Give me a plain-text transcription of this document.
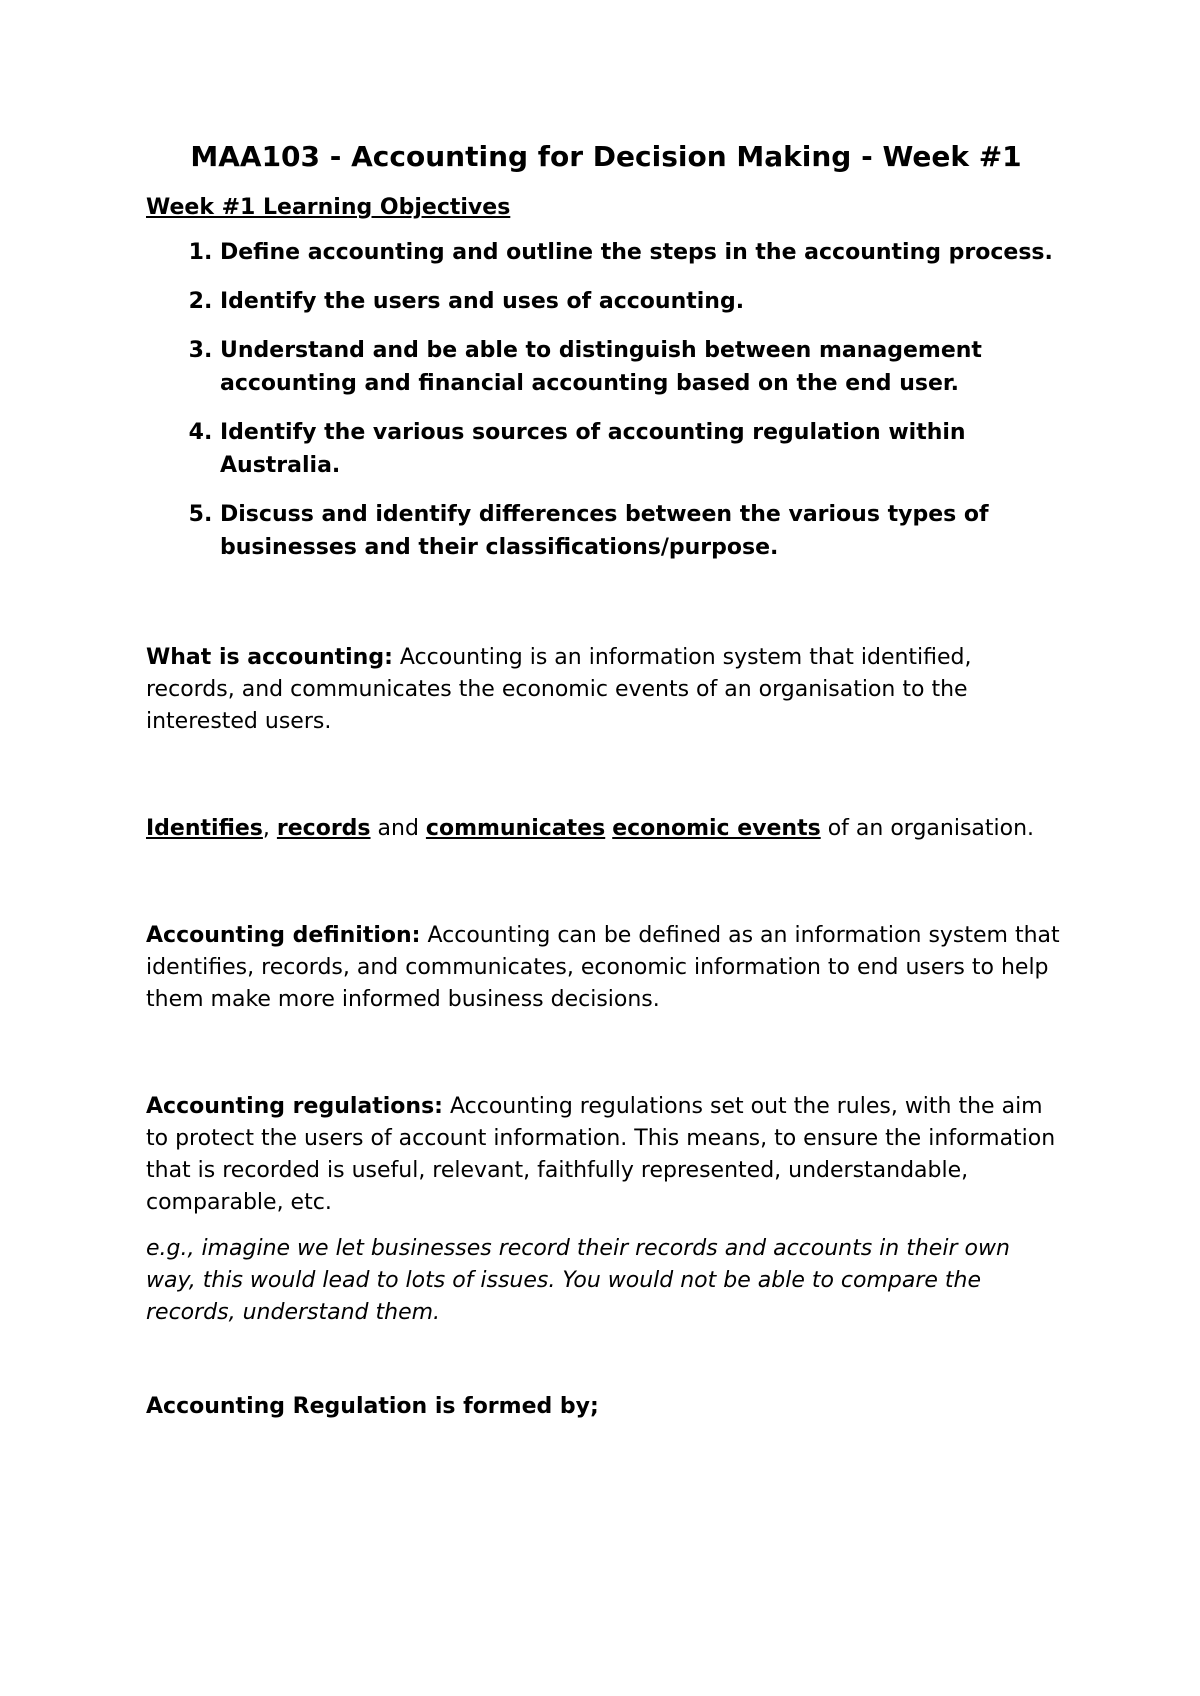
MAA103 - Accounting for Decision Making - Week #1
Week #1 Learning Objectives
1. Define accounting and outline the steps in the accounting process.
2. Identify the users and uses of accounting.
3. Understand and be able to distinguish between management accounting and financial accounting based on the end user.
4. Identify the various sources of accounting regulation within Australia.
5. Discuss and identify differences between the various types of businesses and their classifications/purpose.

What is accounting: Accounting is an information system that identified, records, and communicates the economic events of an organisation to the interested users.

Identifies, records and communicates economic events of an organisation.

Accounting definition: Accounting can be defined as an information system that identifies, records, and communicates, economic information to end users to help them make more informed business decisions.

Accounting regulations: Accounting regulations set out the rules, with the aim to protect the users of account information. This means, to ensure the information that is recorded is useful, relevant, faithfully represented, understandable, comparable, etc.

e.g., imagine we let businesses record their records and accounts in their own way, this would lead to lots of issues. You would not be able to compare the records, understand them.

Accounting Regulation is formed by;
